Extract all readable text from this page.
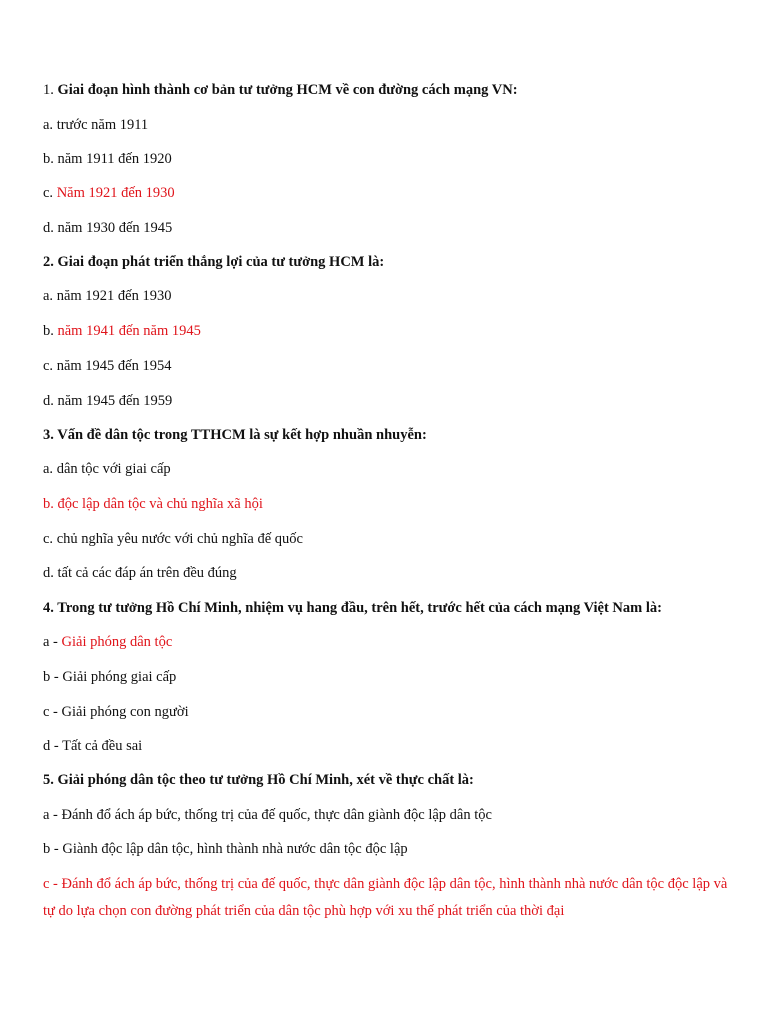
1. Giai đoạn hình thành cơ bản tư tưởng HCM về con đường cách mạng VN:
a. trước năm 1911
b. năm 1911 đến 1920
c. Năm 1921 đến 1930
d. năm 1930 đến 1945
2. Giai đoạn phát triển thắng lợi của tư tưởng HCM là:
a. năm 1921 đến 1930
b. năm 1941 đến năm 1945
c. năm 1945 đến 1954
d. năm 1945 đến 1959
3. Vấn đề dân tộc trong TTHCM là sự kết hợp nhuần nhuyễn:
a. dân tộc với giai cấp
b. độc lập dân tộc và chủ nghĩa xã hội
c. chủ nghĩa yêu nước với chủ nghĩa đế quốc
d. tất cả các đáp án trên đều đúng
4. Trong tư tưởng Hồ Chí Minh, nhiệm vụ hang đầu, trên hết, trước hết của cách mạng Việt Nam là:
a - Giải phóng dân tộc
b - Giải phóng giai cấp
c - Giải phóng con người
d - Tất cả đều sai
5. Giải phóng dân tộc theo tư tưởng Hồ Chí Minh, xét về thực chất là:
a - Đánh đổ ách áp bức, thống trị của đế quốc, thực dân giành độc lập dân tộc
b - Giành độc lập dân tộc, hình thành nhà nước dân tộc độc lập
c - Đánh đổ ách áp bức, thống trị của đế quốc, thực dân giành độc lập dân tộc, hình thành nhà nước dân tộc độc lập và tự do lựa chọn con đường phát triển của dân tộc phù hợp với xu thế phát triển của thời đại
